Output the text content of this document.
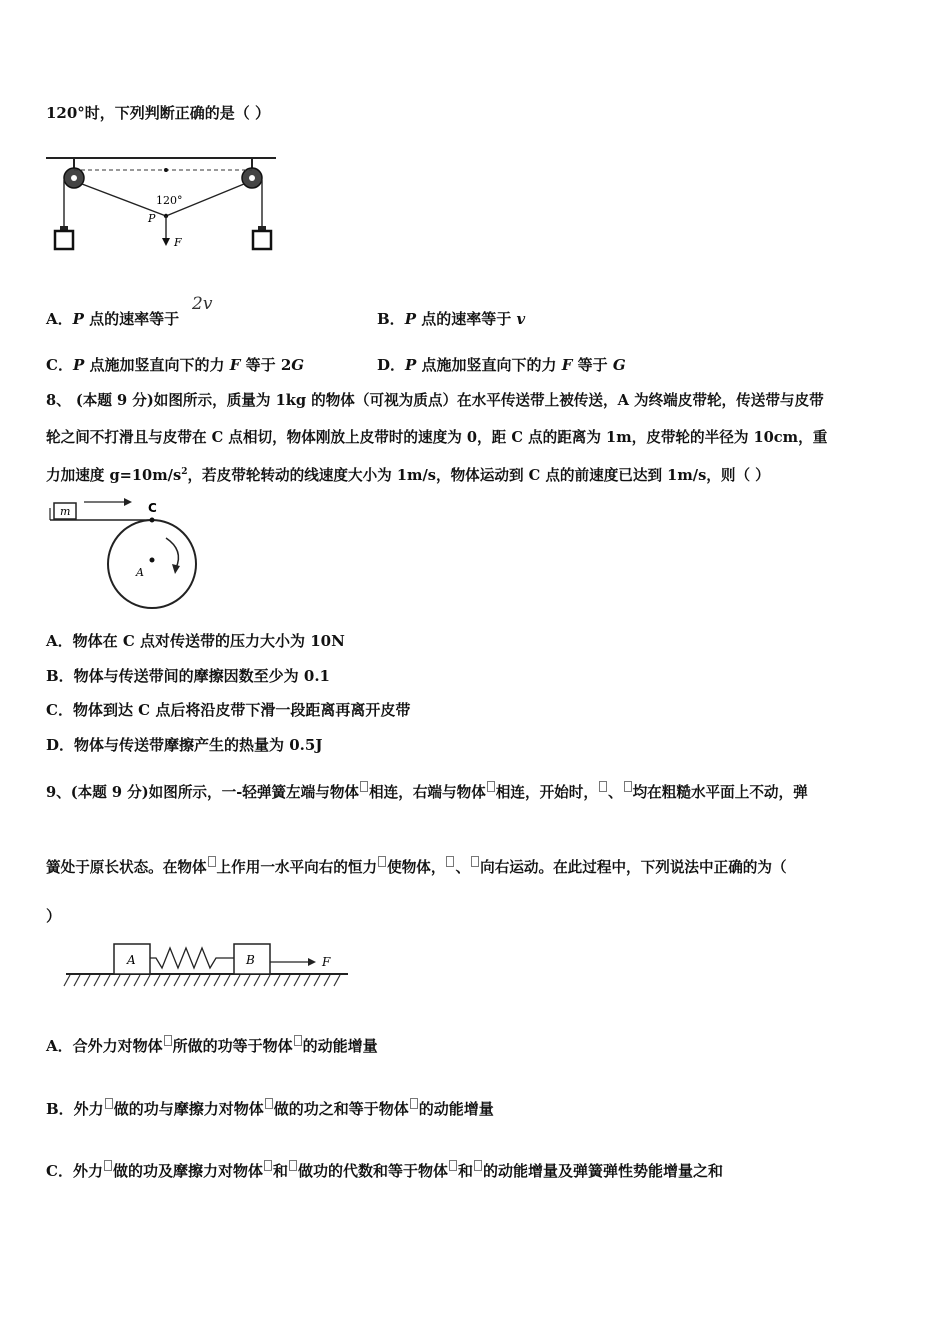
120°时，下列判断正确的是（ ）
120°
P
F
A．P 点的速率等于
2v
B．P 点的速率等于 v
C．P 点施加竖直向下的力 F 等于 2G	D．P 点施加竖直向下的力 F 等于 G
8、 (本题 9 分)如图所示，质量为 1kg 的物体（可视为质点）在水平传送带上被传送，A 为终端皮带轮，传送带与皮带
轮之间不打滑且与皮带在 C 点相切，物体刚放上皮带时的速度为 0，距 C 点的距离为 1m，皮带轮的半径为 10cm，重
力加速度 $g=10m/s^2$，若皮带轮转动的线速度大小为 1m/s，物体运动到 C 点的前速度已达到 1m/s，则（ ）
m	C
A
A．物体在 C 点对传送带的压力大小为 10N
B．物体与传送带间的摩擦因数至少为 0.1
C．物体到达 C 点后将沿皮带下滑一段距离再离开皮带
D．物体与传送带摩擦产生的热量为 0.5J
9、(本题 9 分)如图所示，一-轻弹簧左端与物体 相连，右端与物体 相连，开始时， 、 均在粗糙水平面上不动，弹
簧处于原长状态。在物体 上作用一水平向右的恒力 使物体， 、 向右运动。在此过程中，下列说法中正确的为（
）
A	B	F
A．合外力对物体 所做的功等于物体 的动能增量
B．外力 做的功与摩擦力对物体 做的功之和等于物体 的动能增量
C．外力 做的功及摩擦力对物体 和 做功的代数和等于物体 和 的动能增量及弹簧弹性势能增量之和
